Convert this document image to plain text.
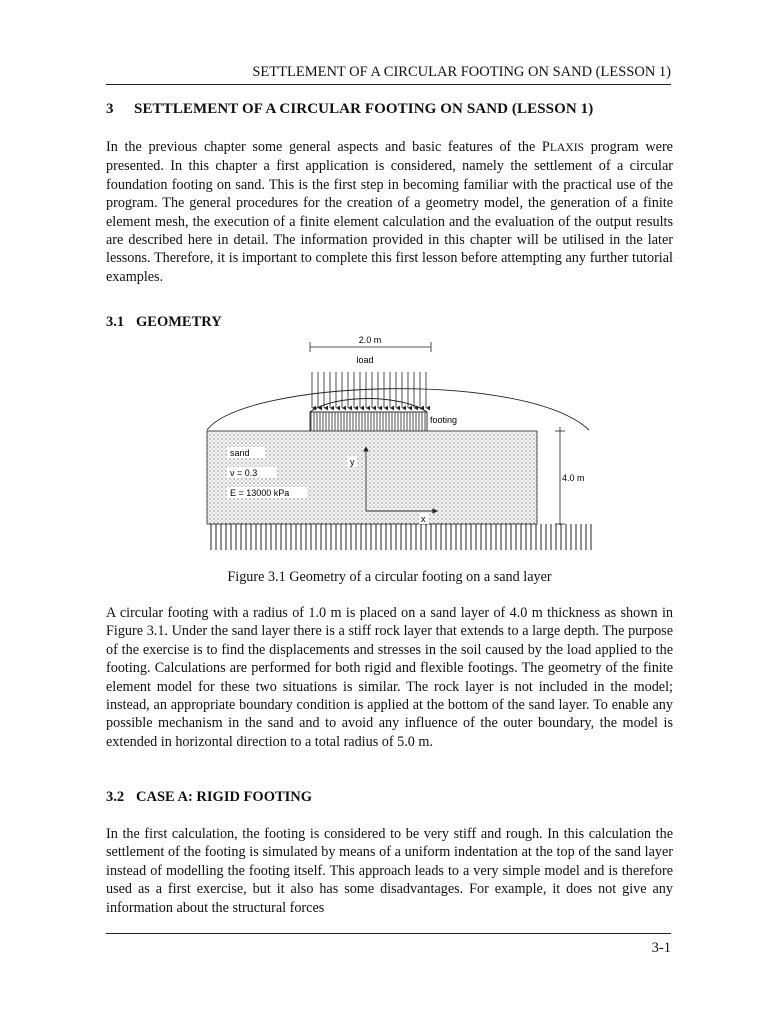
SETTLEMENT OF A CIRCULAR FOOTING ON SAND (LESSON 1)
3 SETTLEMENT OF A CIRCULAR FOOTING ON SAND (LESSON 1)

In the previous chapter some general aspects and basic features of the PLAXIS program were presented. In this chapter a first application is considered, namely the settlement of a circular foundation footing on sand. This is the first step in becoming familiar with the practical use of the program. The general procedures for the creation of a geometry model, the generation of a finite element mesh, the execution of a finite element calculation and the evaluation of the output results are described here in detail. The information provided in this chapter will be utilised in the later lessons. Therefore, it is important to complete this first lesson before attempting any further tutorial examples.

3.1 GEOMETRY
2.0 m
load
footing
sand
ν = 0.3
E = 13000 kPa
y
x
4.0 m
Figure 3.1 Geometry of a circular footing on a sand layer

A circular footing with a radius of 1.0 m is placed on a sand layer of 4.0 m thickness as shown in Figure 3.1. Under the sand layer there is a stiff rock layer that extends to a large depth. The purpose of the exercise is to find the displacements and stresses in the soil caused by the load applied to the footing. Calculations are performed for both rigid and flexible footings. The geometry of the finite element model for these two situations is similar. The rock layer is not included in the model; instead, an appropriate boundary condition is applied at the bottom of the sand layer. To enable any possible mechanism in the sand and to avoid any influence of the outer boundary, the model is extended in horizontal direction to a total radius of 5.0 m.

3.2 CASE A: RIGID FOOTING

In the first calculation, the footing is considered to be very stiff and rough. In this calculation the settlement of the footing is simulated by means of a uniform indentation at the top of the sand layer instead of modelling the footing itself. This approach leads to a very simple model and is therefore used as a first exercise, but it also has some disadvantages. For example, it does not give any information about the structural forces

3-1
